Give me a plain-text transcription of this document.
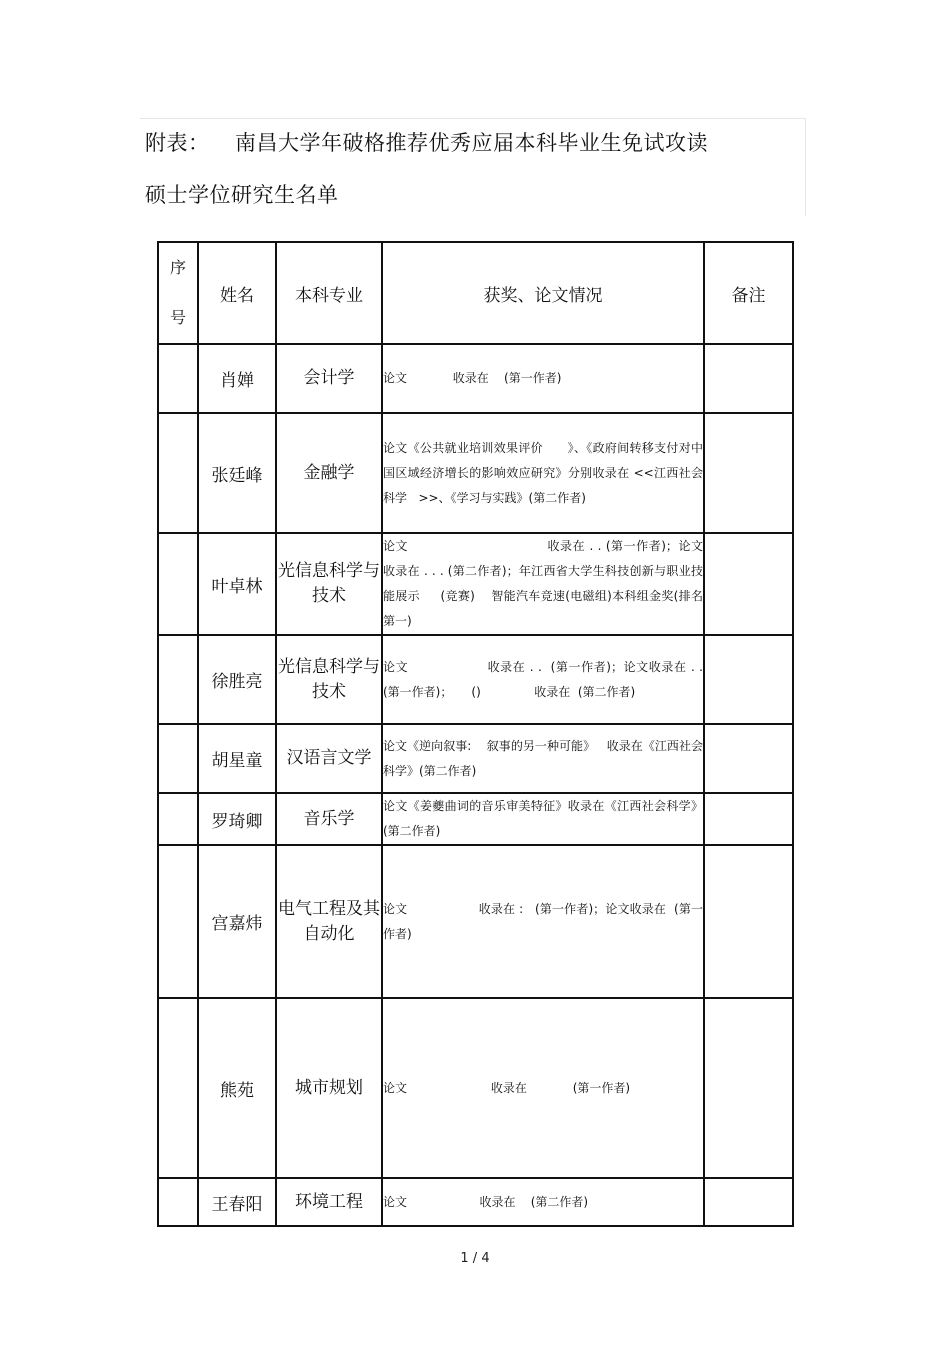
附表： 南昌大学年破格推荐优秀应届本科毕业生免试攻读
硕士学位研究生名单
序
号	姓名	本科专业	获奖、论文情况	备注
	肖婵	会计学	论文            收录在    (第一作者)	
	张廷峰	金融学	论文《公共就业培训效果评价      》、《政府间转移支付对中国区域经济增长的影响效应研究》分别收录在 <<江西社会科学   >>、《学习与实践》(第二作者)	
	叶卓林	光信息科学与技术	论文                                收录在 . . (第一作者)；论文                      收录在 . . . (第二作者)；年江西省大学生科技创新与职业技能展示     (竞赛)    智能汽车竞速(电磁组)本科组金奖(排名第一)	
	徐胜亮	光信息科学与技术	论文                  收录在 . .  (第一作者)；论文收录在 . .  (第一作者)；     ()              收录在  (第二作者)	
	胡星童	汉语言文学	论文《逆向叙事:    叙事的另一种可能》   收录在《江西社会科学》(第二作者)	
	罗琦卿	音乐学	论文《姜夔曲词的音乐审美特征》收录在《江西社会科学》(第二作者)	
	宫嘉炜	电气工程及其自动化	论文                  收录在 :   (第一作者)；论文收录在  (第一作者)	
	熊苑	城市规划	论文                      收录在            (第一作者)	
	王春阳	环境工程	论文                   收录在    (第二作者)	
1 / 4
